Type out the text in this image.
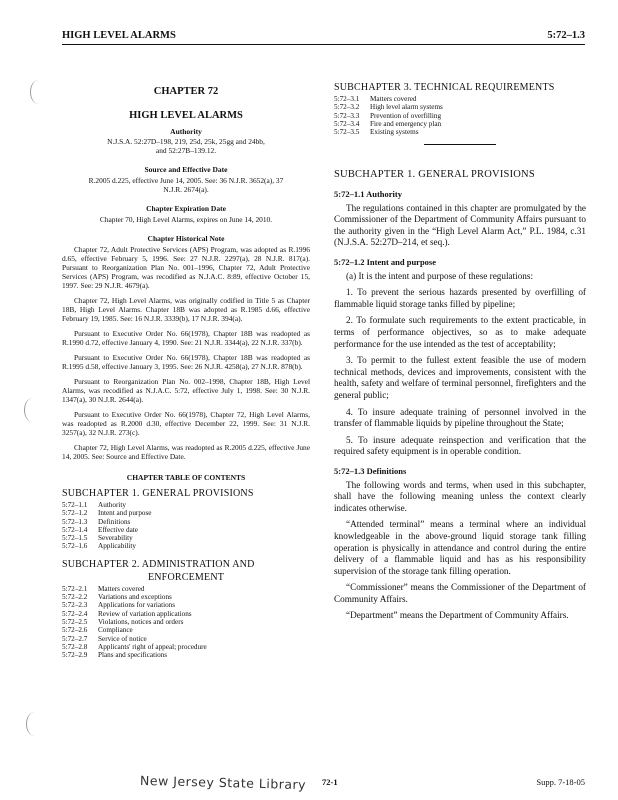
HIGH LEVEL ALARMS	5:72–1.3
CHAPTER 72
HIGH LEVEL ALARMS
Authority
N.J.S.A. 52:27D–198, 219, 25d, 25k, 25gg and 24bb, and 52:27B–139.12.
Source and Effective Date
R.2005 d.225, effective June 14, 2005. See: 36 N.J.R. 3652(a), 37 N.J.R. 2674(a).
Chapter Expiration Date
Chapter 70, High Level Alarms, expires on June 14, 2010.
Chapter Historical Note

Chapter 72, Adult Protective Services (APS) Program, was adopted as R.1996 d.65, effective February 5, 1996. See: 27 N.J.R. 2297(a), 28 N.J.R. 817(a). Pursuant to Reorganization Plan No. 001–1996, Chapter 72, Adult Protective Services (APS) Program, was recodified as N.J.A.C. 8:89, effective October 15, 1997. See: 29 N.J.R. 4679(a).

Chapter 72, High Level Alarms, was originally codified in Title 5 as Chapter 18B, High Level Alarms. Chapter 18B was adopted as R.1985 d.66, effective February 19, 1985. See: 16 N.J.R. 3339(b), 17 N.J.R. 394(a).

Pursuant to Executive Order No. 66(1978), Chapter 18B was readopted as R.1990 d.72, effective January 4, 1990. See: 21 N.J.R. 3344(a), 22 N.J.R. 337(b).

Pursuant to Executive Order No. 66(1978), Chapter 18B was readopted as R.1995 d.58, effective January 3, 1995. See: 26 N.J.R. 4258(a), 27 N.J.R. 878(b).

Pursuant to Reorganization Plan No. 002–1998, Chapter 18B, High Level Alarms, was recodified as N.J.A.C. 5:72, effective July 1, 1998. See: 30 N.J.R. 1347(a), 30 N.J.R. 2644(a).

Pursuant to Executive Order No. 66(1978), Chapter 72, High Level Alarms, was readopted as R.2000 d.30, effective December 22, 1999. See: 31 N.J.R. 3257(a), 32 N.J.R. 273(c).

Chapter 72, High Level Alarms, was readopted as R.2005 d.225, effective June 14, 2005. See: Source and Effective Date.

CHAPTER TABLE OF CONTENTS
SUBCHAPTER 1. GENERAL PROVISIONS
5:72–1.1	Authority
5:72–1.2	Intent and purpose
5:72–1.3	Definitions
5:72–1.4	Effective date
5:72–1.5	Severability
5:72–1.6	Applicability
SUBCHAPTER 2. ADMINISTRATION AND
ENFORCEMENT
5:72–2.1	Matters covered
5:72–2.2	Variations and exceptions
5:72–2.3	Applications for variations
5:72–2.4	Review of variation applications
5:72–2.5	Violations, notices and orders
5:72–2.6	Compliance
5:72–2.7	Service of notice
5:72–2.8	Applicants' right of appeal; procedure
5:72–2.9	Plans and specifications
SUBCHAPTER 3. TECHNICAL REQUIREMENTS
5:72–3.1	Matters covered
5:72–3.2	High level alarm systems
5:72–3.3	Prevention of overfilling
5:72–3.4	Fire and emergency plan
5:72–3.5	Existing systems
SUBCHAPTER 1. GENERAL PROVISIONS
5:72–1.1 Authority

The regulations contained in this chapter are promulgated by the Commissioner of the Department of Community Affairs pursuant to the authority given in the “High Level Alarm Act,” P.L. 1984, c.31 (N.J.S.A. 52:27D–214, et seq.).

5:72–1.2 Intent and purpose

(a) It is the intent and purpose of these regulations:

1. To prevent the serious hazards presented by overfilling of flammable liquid storage tanks filled by pipeline;

2. To formulate such requirements to the extent practicable, in terms of performance objectives, so as to make adequate performance for the use intended as the test of acceptability;

3. To permit to the fullest extent feasible the use of modern technical methods, devices and improvements, consistent with the health, safety and welfare of terminal personnel, firefighters and the general public;

4. To insure adequate training of personnel involved in the transfer of flammable liquids by pipeline throughout the State;

5. To insure adequate reinspection and verification that the required safety equipment is in operable condition.

5:72–1.3 Definitions

The following words and terms, when used in this subchapter, shall have the following meaning unless the context clearly indicates otherwise.

“Attended terminal” means a terminal where an individual knowledgeable in the above-ground liquid storage tank filling operation is physically in attendance and control during the entire delivery of a flammable liquid and has as his responsibility supervision of the storage tank filling operation.

“Commissioner” means the Commissioner of the Department of Community Affairs.

“Department” means the Department of Community Affairs.

New Jersey State Library 72-1	Supp. 7-18-05
